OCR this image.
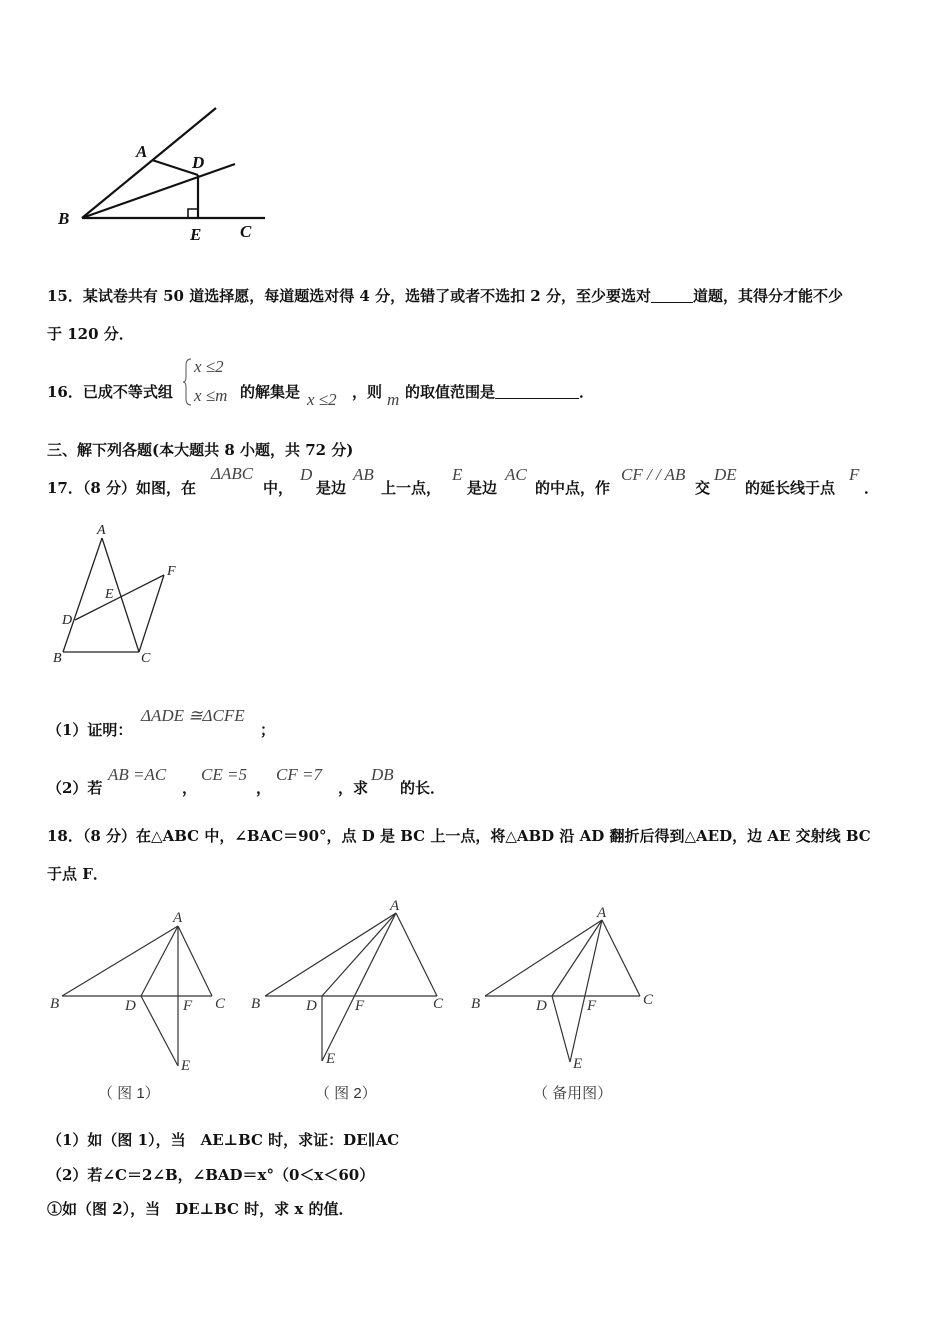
A
D
B
E C
15．某试卷共有 50 道选择愿，每道题选对得 4 分，选错了或者不选扣 2 分，至少要选对	道题，其得分才能不少
于 120 分．
16．已成不等式组
x ≤2
x ≤m 的解集是 x ≤2 ，则 m 的取值范围是	．
三、解下列各题(本大题共 8 小题，共 72 分)
17．（8 分）如图，在
ΔABC
中，
D
是边
AB
上一点，
E
是边
AC
的中点，作
CF / / AB
交
DE
的延长线于点
F
．
A
F
E
D
B	C
（1）证明：
ΔADE ≅ΔCFE
；
（2）若
AB =AC
，
CE =5
，
CF =7
，求
DB
的长．
18．（8 分）在△ABC 中，∠BAC＝90°，点 D 是 BC 上一点，将△ABD 沿 AD 翻折后得到△AED，边 AE 交射线 BC
于点 F．
A
B	D	F C
E
（ 图 1）
A
B	D	F	C
E
（ 图 2）
A
B	D	F	C
E
（ 备用图）
（1）如（图 1），当　AE⊥BC 时，求证：DE∥AC
（2）若∠C＝2∠B，∠BAD＝x°（0＜x＜60）
①如（图 2），当　DE⊥BC 时，求 x 的值．
